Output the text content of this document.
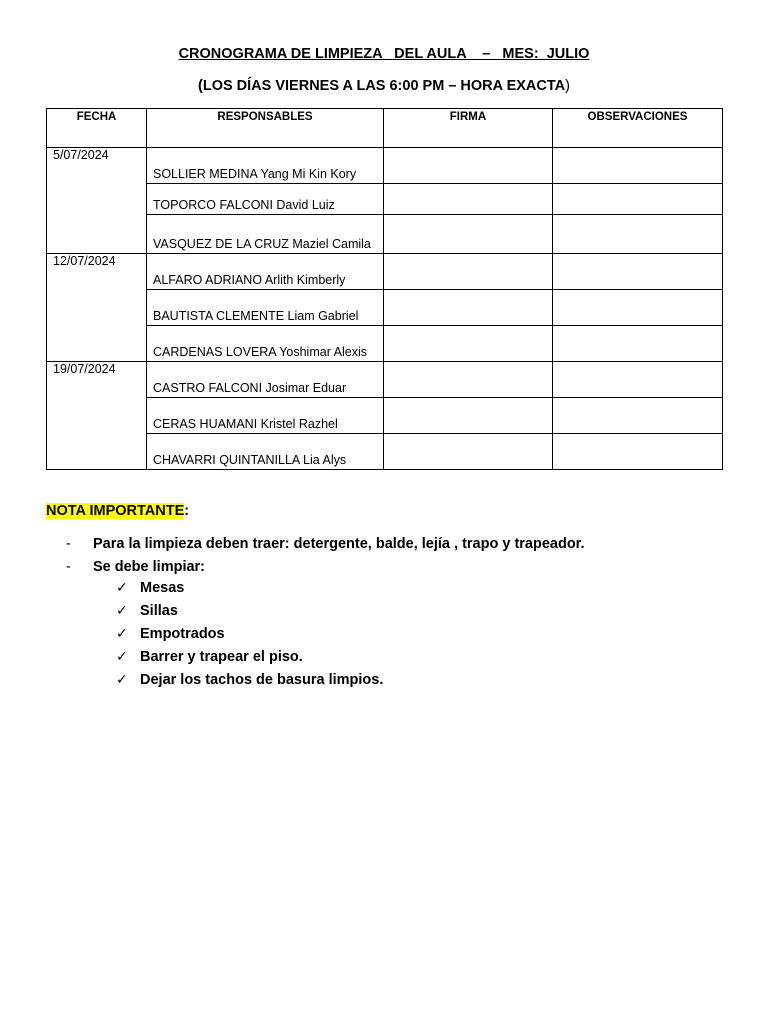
CRONOGRAMA DE LIMPIEZA   DEL AULA    –   MES:  JULIO
(LOS DÍAS VIERNES A LAS 6:00 PM – HORA EXACTA)
FECHA	RESPONSABLES	FIRMA	OBSERVACIONES
5/07/2024	SOLLIER MEDINA Yang Mi Kin Kory		
	TOPORCO FALCONI David Luiz		
	VASQUEZ DE LA CRUZ Maziel Camila		
12/07/2024	ALFARO ADRIANO Arlith Kimberly		
	BAUTISTA CLEMENTE Liam Gabriel		
	CARDENAS LOVERA Yoshimar Alexis		
19/07/2024	CASTRO FALCONI Josimar Eduar		
	CERAS HUAMANI Kristel Razhel		
	CHAVARRI QUINTANILLA Lia Alys		
NOTA IMPORTANTE:
- Para la limpieza deben traer: detergente, balde, lejía , trapo y trapeador.
- Se debe limpiar:
✓ Mesas
✓ Sillas
✓ Empotrados
✓ Barrer y trapear el piso.
✓ Dejar los tachos de basura limpios.
